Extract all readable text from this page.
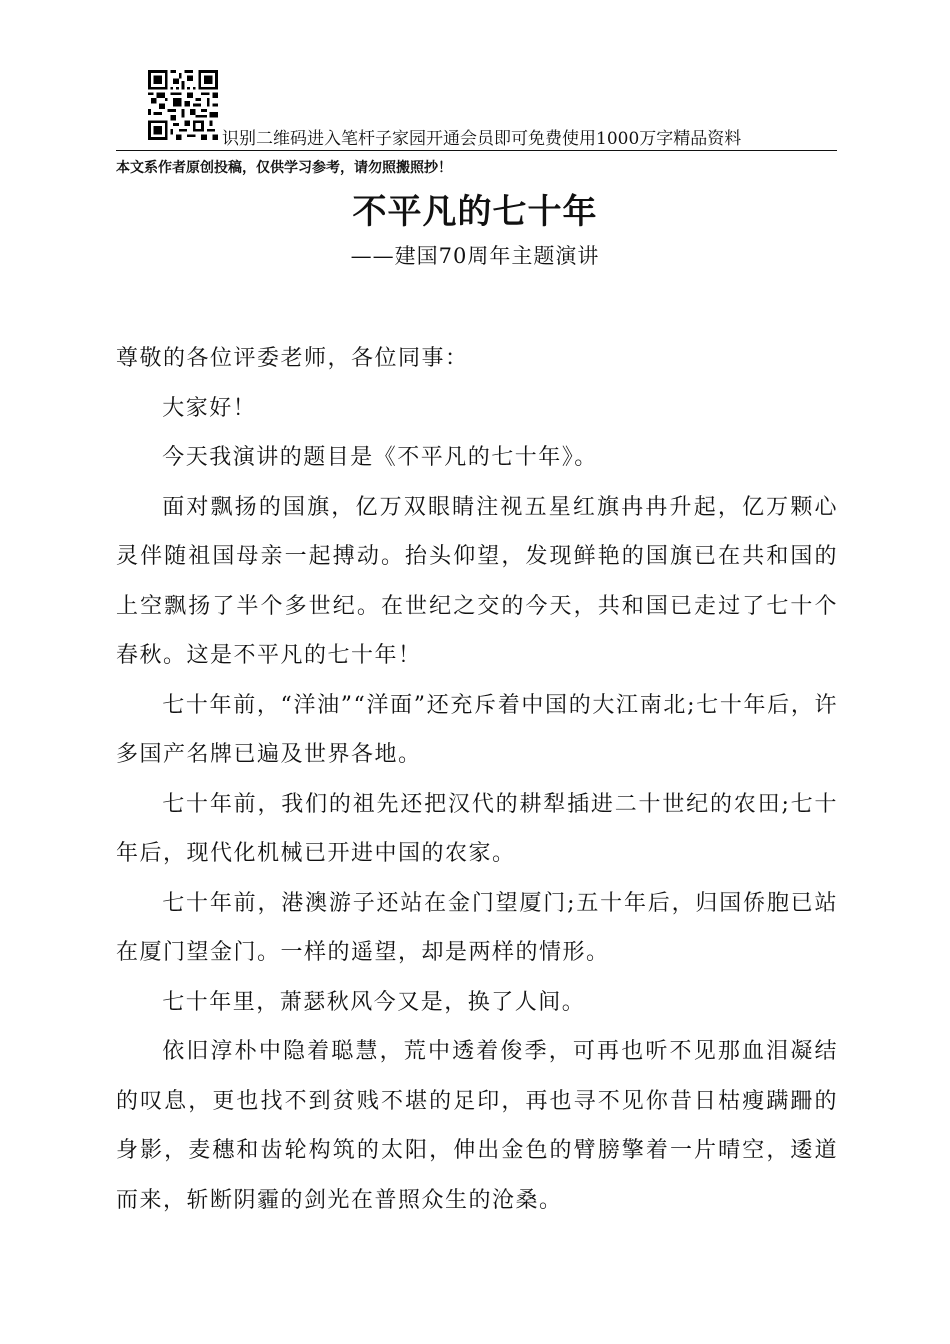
识别二维码进入笔杆子家园开通会员即可免费使用1000万字精品资料
本文系作者原创投稿，仅供学习参考，请勿照搬照抄！
不平凡的七十年
——建国70周年主题演讲

尊敬的各位评委老师，各位同事：

大家好！

今天我演讲的题目是《不平凡的七十年》。

面对飘扬的国旗，亿万双眼睛注视五星红旗冉冉升起，亿万颗心灵伴随祖国母亲一起搏动。抬头仰望，发现鲜艳的国旗已在共和国的上空飘扬了半个多世纪。在世纪之交的今天，共和国已走过了七十个春秋。这是不平凡的七十年！

七十年前，“洋油”“洋面”还充斥着中国的大江南北;七十年后，许多国产名牌已遍及世界各地。

七十年前，我们的祖先还把汉代的耕犁插进二十世纪的农田;七十年后，现代化机械已开进中国的农家。

七十年前，港澳游子还站在金门望厦门;五十年后，归国侨胞已站在厦门望金门。一样的遥望，却是两样的情形。

七十年里，萧瑟秋风今又是，换了人间。

依旧淳朴中隐着聪慧，荒中透着俊季，可再也听不见那血泪凝结的叹息，更也找不到贫贱不堪的足印，再也寻不见你昔日枯瘦蹒跚的身影，麦穗和齿轮构筑的太阳，伸出金色的臂膀擎着一片晴空，逶道而来，斩断阴霾的剑光在普照众生的沧桑。
